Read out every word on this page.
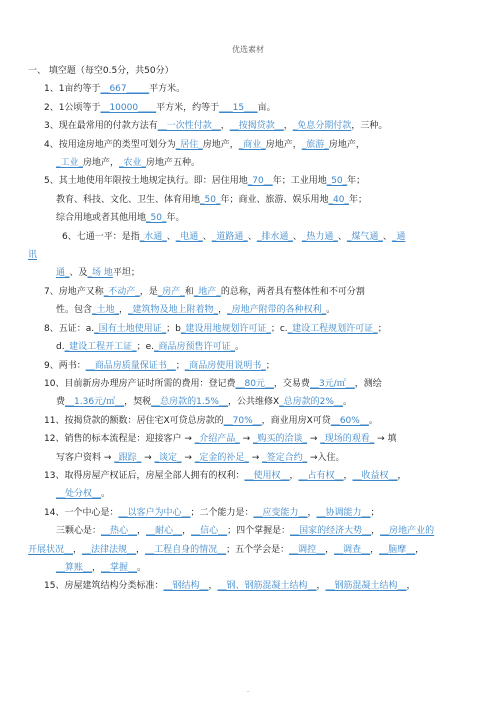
优选素材
一、 填空题（每空0.5分，共50分）
1、1亩约等于__667_____平方米。
2、1公顷等于__10000____平方米，约等于___15___亩。
3、现在最常用的付款方法有__一次性付款__，__按揭贷款__，_免息分期付款，三种。
4、按用途房地产的类型可划分为_居住_房地产，_商业_房地产，_旅游_房地产，
_工业_房地产，_农业_房地产五种。
5、其土地使用年限按土地规定执行。即：居住用地_70__年；工业用地_50_年；
教育、科技、文化、卫生、体育用地_50_年；商业、旅游、娱乐用地_40_年；
综合用地或者其他用地_50_年。
6、七通一平：是指_水通_、_电通_、_道路通_、_排水通_、_热力通_、_煤气通_、_通
讯
通_、及_场 地平坦；
7、房地产又称_不动产_，是_房产_和_地产_的总称，两者具有整体性和不可分割
性。包含_土地_，_建筑物及地上附着物_，_房地产附带的各种权利_。
8、五证：a._国有土地使用证_；b_建设用地规划许可证_；c._建设工程规划许可证_；
d._建设工程开工证_；e._商品房预售许可证_。
9、两书：__商品房质量保证书__；_商品房使用说明书_；
10、目前新房办理房产证时所需的费用：登记费__80元__，交易费__3元/㎡__，测绘
费__1.36元/㎡__，契税__总房款的1.5%__，公共维修X_总房款的2%__。
11、按揭贷款的额数：居住宅X可贷总房款的__70%__，商业用房X可贷__60%__。
12、销售的标本流程是：迎接客户 → _介绍产品_ → _购买的洽谈_ → _现场的观看_ → 填
写客户资料 → _跟踪_ → _谈定_ → _定金的补足_ → _签定合约_ →入住。
13、取得房屋产权证后，房屋全部人拥有的权利：__使用权__，__占有权__，__收益权__，
__处分权__。
14、一个中心是：__以客户为中心__；二个能力是：__应变能力__，__协调能力__；
三颗心是：__热心__，__耐心__，__信心__；四个掌握是：__国家的经济大势__，__房地产业的
开展状况__，__法律法规__，__工程自身的情况__；五个学会是：__调控__，__调查__，__脑摩__，
__算账__，__掌握__。
15、房屋建筑结构分类标准：__钢结构__，__钢、钢筋混凝土结构__，__钢筋混凝土结构__，
.
